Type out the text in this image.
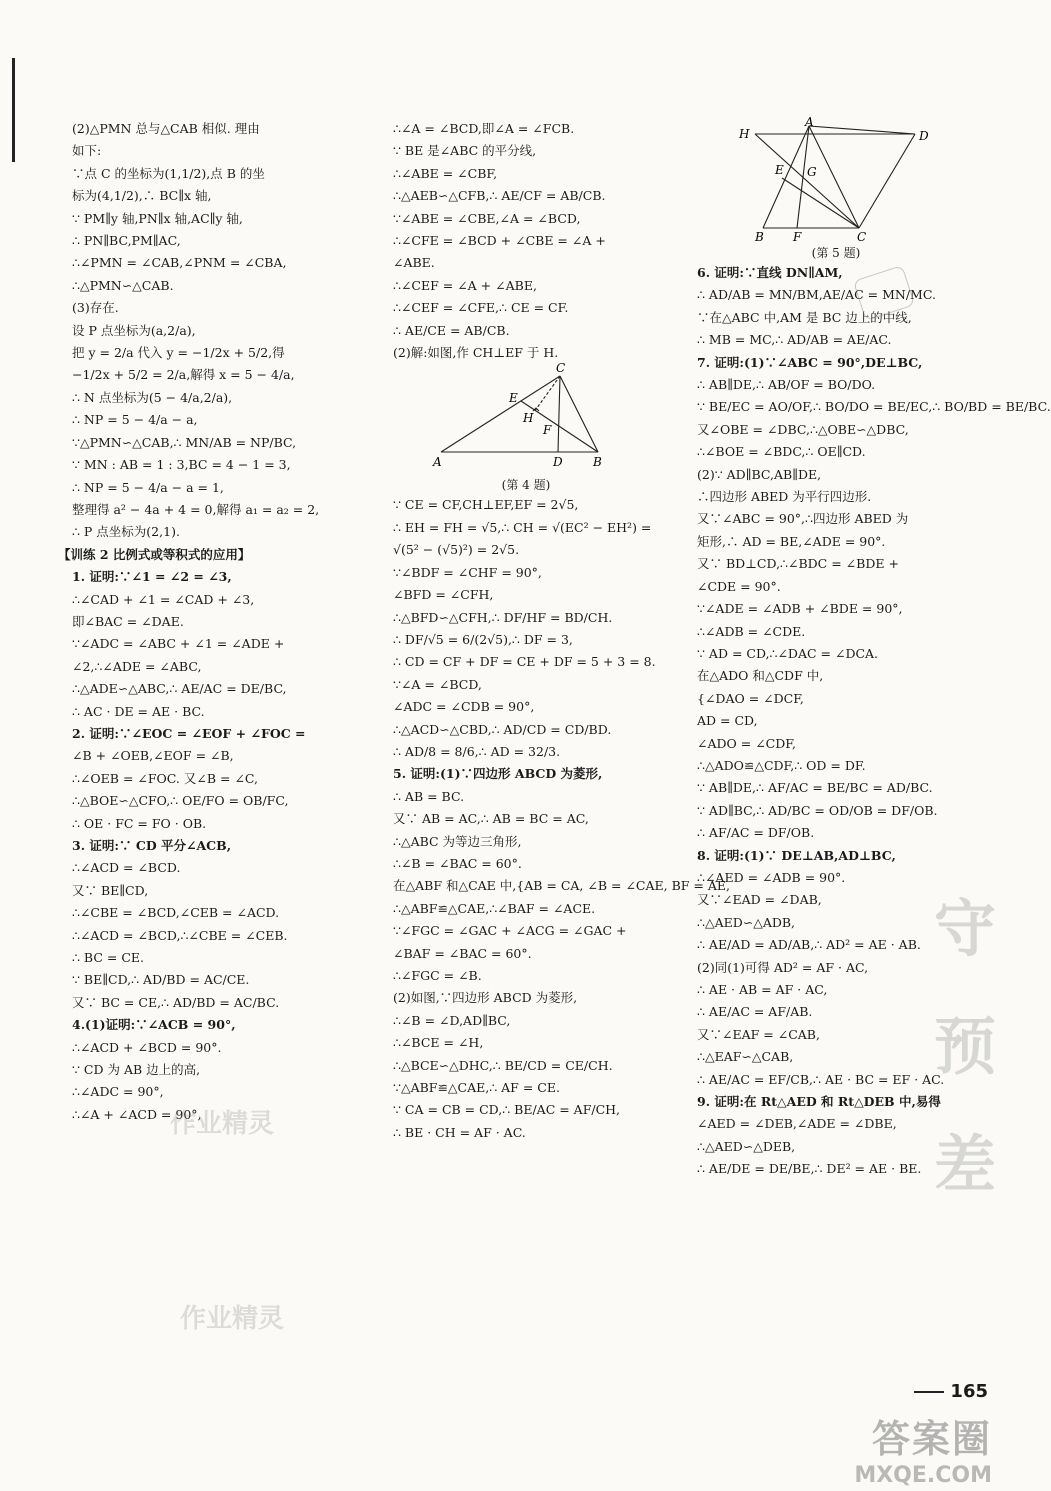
(2)△PMN 总与△CAB 相似. 理由
如下:
∵点 C 的坐标为(1,1/2),点 B 的坐
标为(4,1/2),∴ BC∥x 轴,
∵ PM∥y 轴,PN∥x 轴,AC∥y 轴,
∴ PN∥BC,PM∥AC,
∴∠PMN = ∠CAB,∠PNM = ∠CBA,
∴△PMN∽△CAB.
(3)存在.
设 P 点坐标为(a,2/a),
把 y = 2/a 代入 y = −1/2x + 5/2,得
−1/2x + 5/2 = 2/a,解得 x = 5 − 4/a,
∴ N 点坐标为(5 − 4/a,2/a),
∴ NP = 5 − 4/a − a,
∵△PMN∽△CAB,∴ MN/AB = NP/BC,
∵ MN : AB = 1 : 3,BC = 4 − 1 = 3,
∴ NP = 5 − 4/a − a = 1,
整理得 a² − 4a + 4 = 0,解得 a₁ = a₂ = 2,
∴ P 点坐标为(2,1).
【训练 2 比例式或等积式的应用】
1. 证明:∵∠1 = ∠2 = ∠3,
∴∠CAD + ∠1 = ∠CAD + ∠3,
即∠BAC = ∠DAE.
∵∠ADC = ∠ABC + ∠1 = ∠ADE +
∠2,∴∠ADE = ∠ABC,
∴△ADE∽△ABC,∴ AE/AC = DE/BC,
∴ AC · DE = AE · BC.
2. 证明:∵∠EOC = ∠EOF + ∠FOC =
∠B + ∠OEB,∠EOF = ∠B,
∴∠OEB = ∠FOC. 又∠B = ∠C,
∴△BOE∽△CFO,∴ OE/FO = OB/FC,
∴ OE · FC = FO · OB.
3. 证明:∵ CD 平分∠ACB,
∴∠ACD = ∠BCD.
又∵ BE∥CD,
∴∠CBE = ∠BCD,∠CEB = ∠ACD.
∴∠ACD = ∠BCD,∴∠CBE = ∠CEB.
∴ BC = CE.
∵ BE∥CD,∴ AD/BD = AC/CE.
又∵ BC = CE,∴ AD/BD = AC/BC.
4.(1)证明:∵∠ACB = 90°,
∴∠ACD + ∠BCD = 90°.
∵ CD 为 AB 边上的高,
∴∠ADC = 90°,
∴∠A + ∠ACD = 90°,
∴∠A = ∠BCD,即∠A = ∠FCB.
∵ BE 是∠ABC 的平分线,
∴∠ABE = ∠CBF,
∴△AEB∽△CFB,∴ AE/CF = AB/CB.
∵∠ABE = ∠CBE,∠A = ∠BCD,
∴∠CFE = ∠BCD + ∠CBE = ∠A +
∠ABE.
∴∠CEF = ∠A + ∠ABE,
∴∠CEF = ∠CFE,∴ CE = CF.
∴ AE/CE = AB/CB.
(2)解:如图,作 CH⊥EF 于 H.
C
E
H
F
A	D	B
(第 4 题)
∵ CE = CF,CH⊥EF,EF = 2√5,
∴ EH = FH = √5,∴ CH = √(EC² − EH²) =
√(5² − (√5)²) = 2√5.
∵∠BDF = ∠CHF = 90°,
∠BFD = ∠CFH,
∴△BFD∽△CFH,∴ DF/HF = BD/CH.
∴ DF/√5 = 6/(2√5),∴ DF = 3,
∴ CD = CF + DF = CE + DF = 5 + 3 = 8.
∵∠A = ∠BCD,
∠ADC = ∠CDB = 90°,
∴△ACD∽△CBD,∴ AD/CD = CD/BD.
∴ AD/8 = 8/6,∴ AD = 32/3.
5. 证明:(1)∵四边形 ABCD 为菱形,
∴ AB = BC.
又∵ AB = AC,∴ AB = BC = AC,
∴△ABC 为等边三角形,
∴∠B = ∠BAC = 60°.
在△ABF 和△CAE 中,{AB = CA, ∠B = ∠CAE, BF = AE,
∴△ABF≌△CAE,∴∠BAF = ∠ACE.
∵∠FGC = ∠GAC + ∠ACG = ∠GAC +
∠BAF = ∠BAC = 60°.
∴∠FGC = ∠B.
(2)如图,∵四边形 ABCD 为菱形,
∴∠B = ∠D,AD∥BC,
∴∠BCE = ∠H,
∴△BCE∽△DHC,∴ BE/CD = CE/CH.
∵△ABF≌△CAE,∴ AF = CE.
∵ CA = CB = CD,∴ BE/AC = AF/CH,
∴ BE · CH = AF · AC.
H
A
D
E G
B F	C
(第 5 题)
6. 证明:∵直线 DN∥AM,
∴ AD/AB = MN/BM,AE/AC = MN/MC.
∵在△ABC 中,AM 是 BC 边上的中线,
∴ MB = MC,∴ AD/AB = AE/AC.
7. 证明:(1)∵∠ABC = 90°,DE⊥BC,
∴ AB∥DE,∴ AB/OF = BO/DO.
∵ BE/EC = AO/OF,∴ BO/DO = BE/EC,∴ BO/BD = BE/BC.
又∠OBE = ∠DBC,∴△OBE∽△DBC,
∴∠BOE = ∠BDC,∴ OE∥CD.
(2)∵ AD∥BC,AB∥DE,
∴四边形 ABED 为平行四边形.
又∵∠ABC = 90°,∴四边形 ABED 为
矩形,∴ AD = BE,∠ADE = 90°.
又∵ BD⊥CD,∴∠BDC = ∠BDE +
∠CDE = 90°.
∵∠ADE = ∠ADB + ∠BDE = 90°,
∴∠ADB = ∠CDE.
∵ AD = CD,∴∠DAC = ∠DCA.
在△ADO 和△CDF 中,
{∠DAO = ∠DCF,
AD = CD,
∠ADO = ∠CDF,
∴△ADO≌△CDF,∴ OD = DF.
∵ AB∥DE,∴ AF/AC = BE/BC = AD/BC.
∵ AD∥BC,∴ AD/BC = OD/OB = DF/OB.
∴ AF/AC = DF/OB.
8. 证明:(1)∵ DE⊥AB,AD⊥BC,
∴∠AED = ∠ADB = 90°.
又∵∠EAD = ∠DAB,
∴△AED∽△ADB,
∴ AE/AD = AD/AB,∴ AD² = AE · AB.
(2)同(1)可得 AD² = AF · AC,
∴ AE · AB = AF · AC,
∴ AE/AC = AF/AB.
又∵∠EAF = ∠CAB,
∴△EAF∽△CAB,
∴ AE/AC = EF/CB,∴ AE · BC = EF · AC.
9. 证明:在 Rt△AED 和 Rt△DEB 中,易得
∠AED = ∠DEB,∠ADE = ∠DBE,
∴△AED∽△DEB,
∴ AE/DE = DE/BE,∴ DE² = AE · BE.
守
预
差
作业精灵
作业精灵
165
答案圈
MXQE.COM
